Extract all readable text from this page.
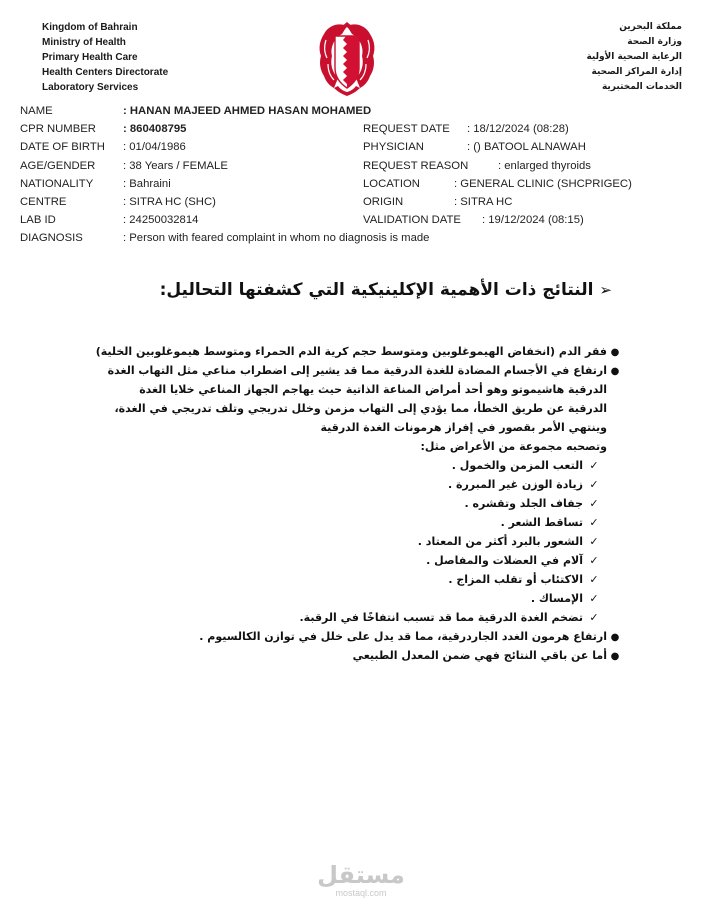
Kingdom of Bahrain
Ministry of Health
Primary Health Care
Health Centers Directorate
Laboratory Services
مملكة البحرين
وزارة الصحة
الرعاية الصحية الأولية
إدارة المراكز الصحية
الخدمات المختبرية
NAME	: HANAN MAJEED AHMED HASAN MOHAMED
CPR NUMBER : 860408795	REQUEST DATE : 18/12/2024 (08:28)
DATE OF BIRTH : 01/04/1986	PHYSICIAN	: () BATOOL ALNAWAH
AGE/GENDER : 38 Years / FEMALE	REQUEST REASON	: enlarged thyroids
NATIONALITY	: Bahraini	LOCATION	: GENERAL CLINIC (SHCPRIGEC)
CENTRE	: SITRA HC (SHC)	ORIGIN	: SITRA HC
LAB ID	: 24250032814	VALIDATION DATE : 19/12/2024 (08:15)
DIAGNOSIS	: Person with feared complaint in whom no diagnosis is made
➢النتائج ذات الأهمية الإكلينيكية التي كشفتها التحاليل:
●فقر الدم (انخفاض الهيموغلوبين ومتوسط حجم كرية الدم الحمراء ومتوسط هيموغلوبين الخلية)
●ارتفاع في الأجسام المضادة للغدة الدرقية مما قد يشير إلى اضطراب مناعي مثل التهاب الغدة
الدرقية هاشيموتو وهو أحد أمراض المناعة الذاتية حيث يهاجم الجهاز المناعي خلايا الغدة
الدرقية عن طريق الخطأ، مما يؤدي إلى التهاب مزمن وخلل تدريجي وتلف تدريجي في الغدة،
وينتهي الأمر بقصور في إفراز هرمونات الغدة الدرقية
وتصحبه مجموعة من الأعراض مثل:
✓التعب المزمن والخمول .
✓زيادة الوزن غير المبررة .
✓جفاف الجلد وتقشره .
✓تساقط الشعر .
✓الشعور بالبرد أكثر من المعتاد .
✓آلام في العضلات والمفاصل .
✓الاكتئاب أو تقلب المزاج .
✓الإمساك .
✓تضخم الغدة الدرقية مما قد تسبب انتفاخًا في الرقبة.
●ارتفاع هرمون الغدد الجاردرقية، مما قد يدل على خلل في توازن الكالسيوم .
●أما عن باقي النتائج فهي ضمن المعدل الطبيعي
مستقل
mostaql.com
